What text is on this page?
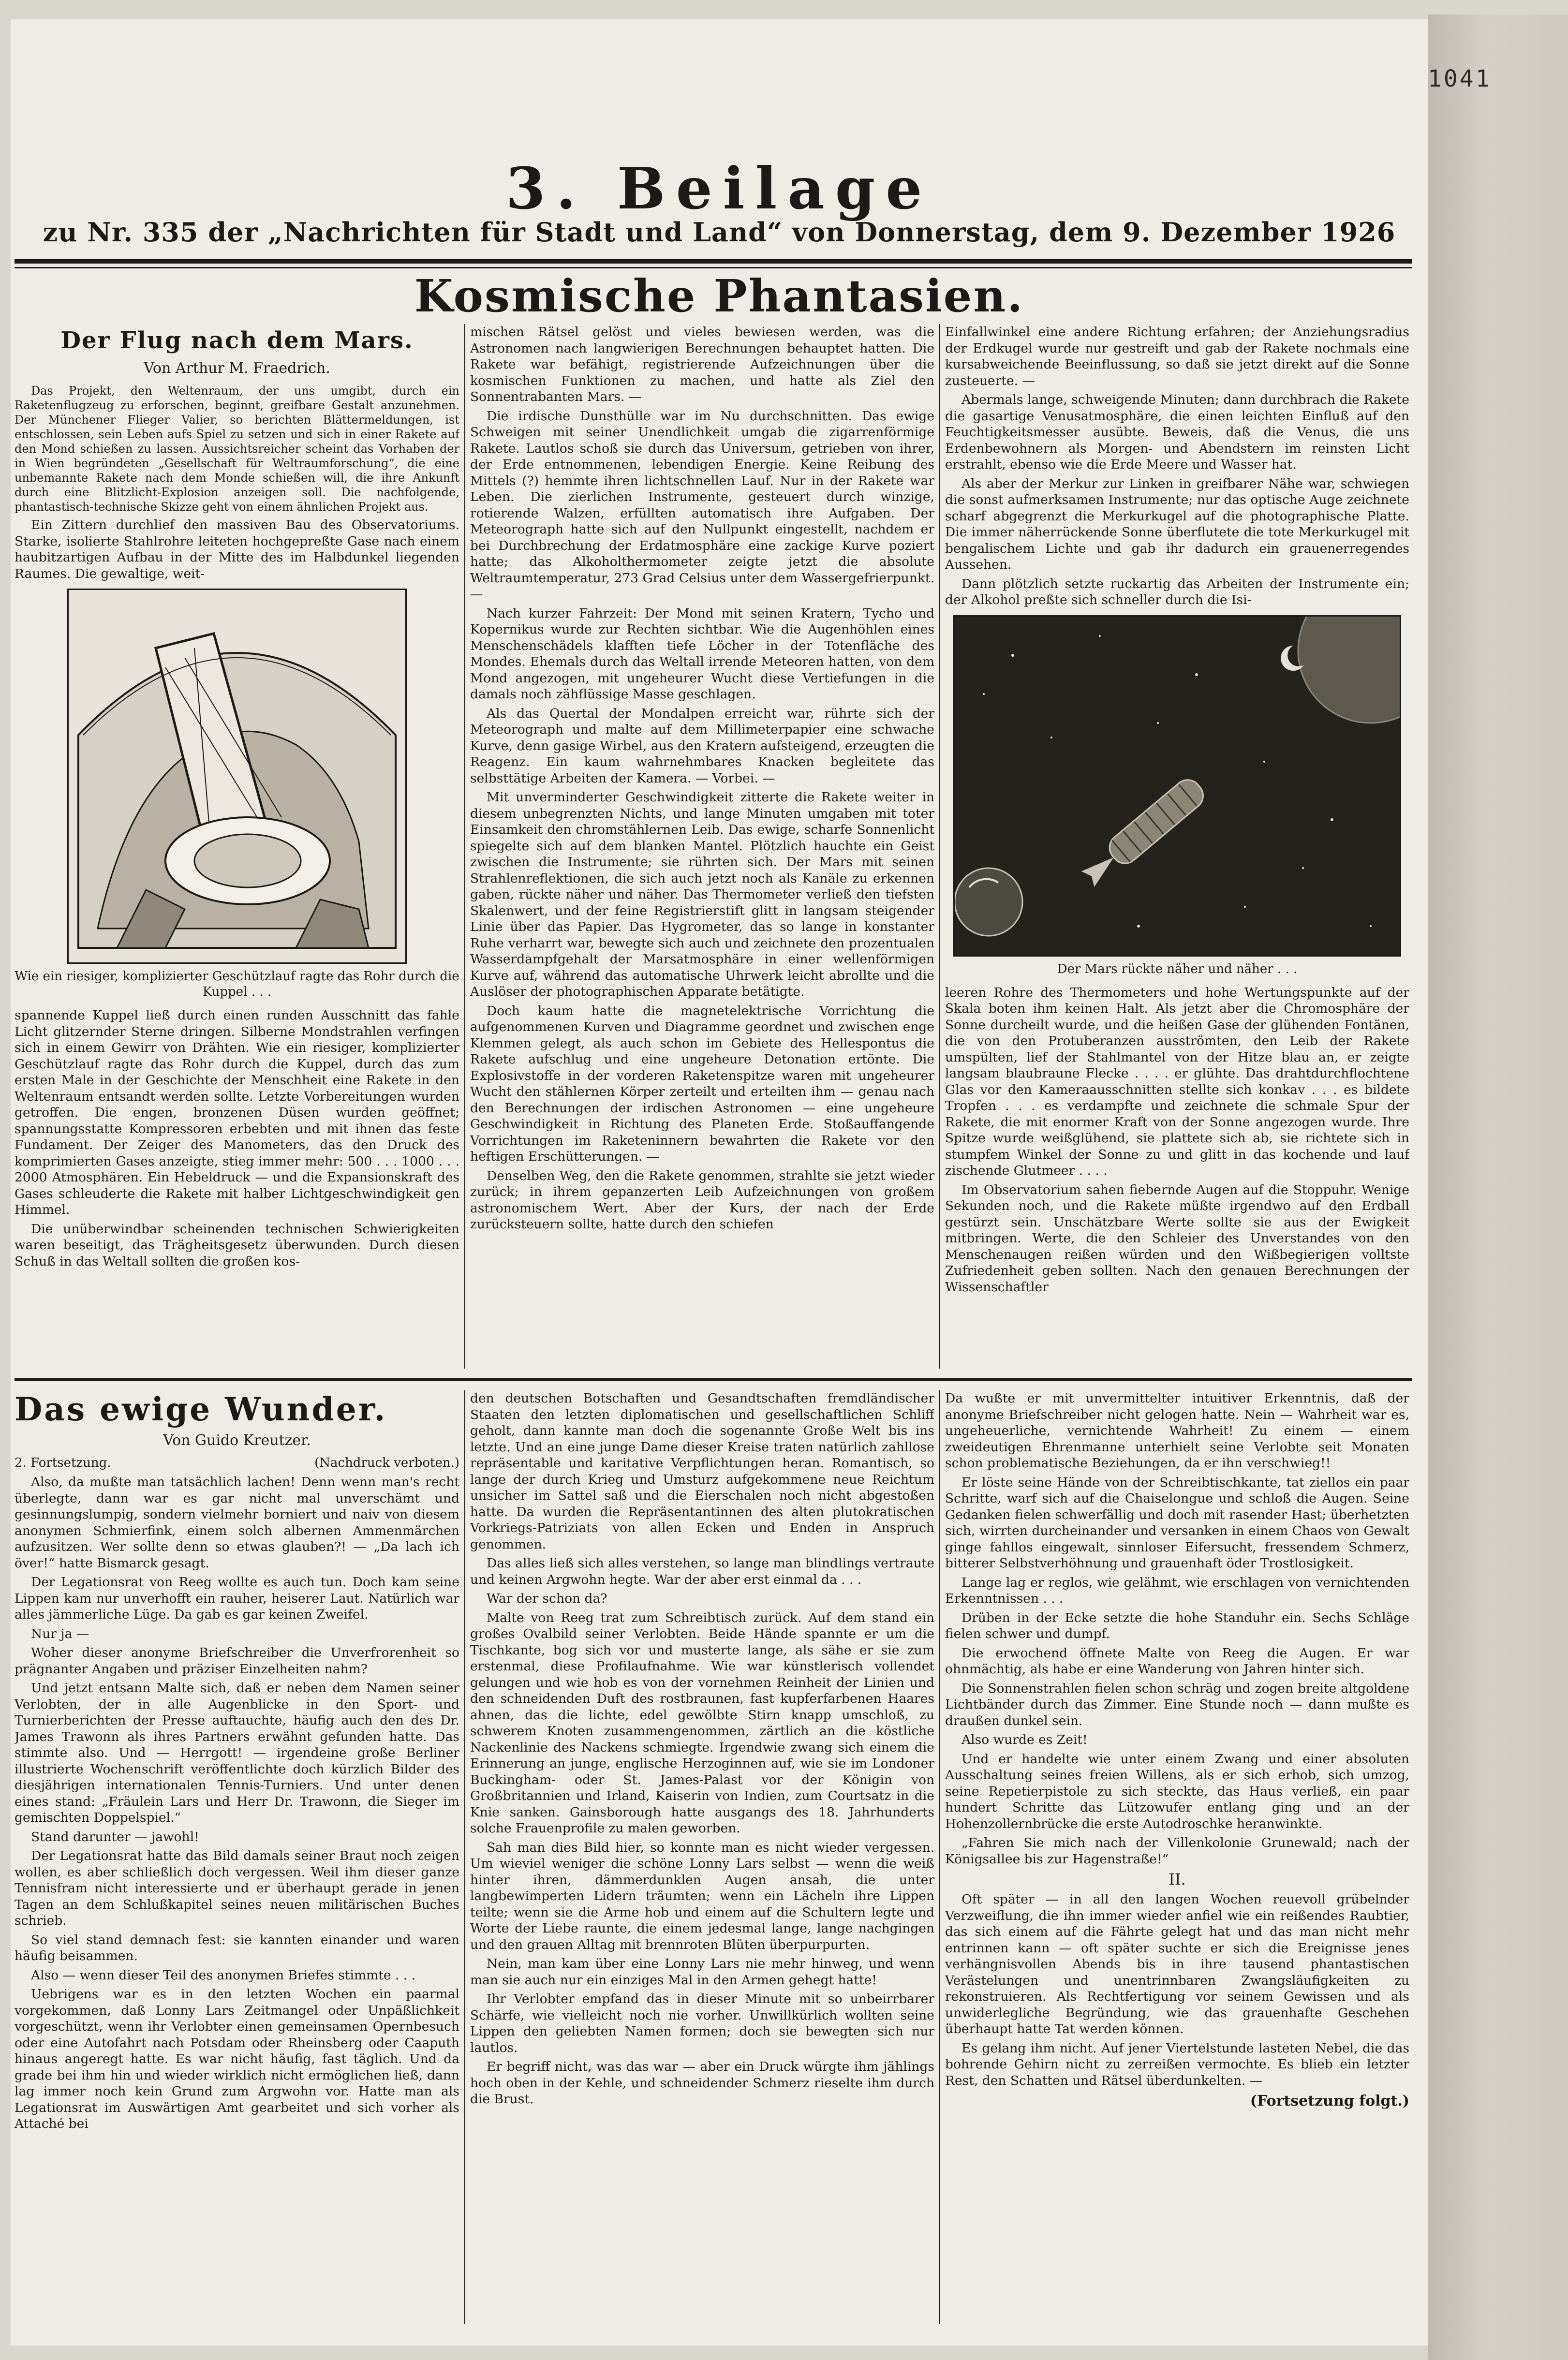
1041
3. Beilage
zu Nr. 335 der „Nachrichten für Stadt und Land“ von Donnerstag, dem 9. Dezember 1926
Kosmische Phantasien.
Der Flug nach dem Mars.
Von Arthur M. Fraedrich.

Das Projekt, den Weltenraum, der uns umgibt, durch ein Raketenflugzeug zu erforschen, beginnt, greifbare Gestalt anzunehmen. Der Münchener Flieger Valier, so berichten Blättermeldungen, ist entschlossen, sein Leben aufs Spiel zu setzen und sich in einer Rakete auf den Mond schießen zu lassen. Aussichtsreicher scheint das Vorhaben der in Wien begründeten „Gesellschaft für Weltraumforschung“, die eine unbemannte Rakete nach dem Monde schießen will, die ihre Ankunft durch eine Blitzlicht-Explosion anzeigen soll. Die nachfolgende, phantastisch-technische Skizze geht von einem ähnlichen Projekt aus.

Ein Zittern durchlief den massiven Bau des Observatoriums. Starke, isolierte Stahlrohre leiteten hochgepreßte Gase nach einem haubitzartigen Aufbau in der Mitte des im Halbdunkel liegenden Raumes. Die gewaltige, weit-

Wie ein riesiger, komplizierter Geschützlauf ragte das Rohr durch die Kuppel . . .

spannende Kuppel ließ durch einen runden Ausschnitt das fahle Licht glitzernder Sterne dringen. Silberne Mondstrahlen verfingen sich in einem Gewirr von Drähten. Wie ein riesiger, komplizierter Geschützlauf ragte das Rohr durch die Kuppel, durch das zum ersten Male in der Geschichte der Menschheit eine Rakete in den Weltenraum entsandt werden sollte. Letzte Vorbereitungen wurden getroffen. Die engen, bronzenen Düsen wurden geöffnet; spannungsstatte Kompressoren erbebten und mit ihnen das feste Fundament. Der Zeiger des Manometers, das den Druck des komprimierten Gases anzeigte, stieg immer mehr: 500 . . . 1000 . . . 2000 Atmosphären. Ein Hebeldruck — und die Expansionskraft des Gases schleuderte die Rakete mit halber Lichtgeschwindigkeit gen Himmel.

Die unüberwindbar scheinenden technischen Schwierigkeiten waren beseitigt, das Trägheitsgesetz überwunden. Durch diesen Schuß in das Weltall sollten die großen kos-

mischen Rätsel gelöst und vieles bewiesen werden, was die Astronomen nach langwierigen Berechnungen behauptet hatten. Die Rakete war befähigt, registrierende Aufzeichnungen über die kosmischen Funktionen zu machen, und hatte als Ziel den Sonnentrabanten Mars. —

Die irdische Dunsthülle war im Nu durchschnitten. Das ewige Schweigen mit seiner Unendlichkeit umgab die zigarrenförmige Rakete. Lautlos schoß sie durch das Universum, getrieben von ihrer, der Erde entnommenen, lebendigen Energie. Keine Reibung des Mittels (?) hemmte ihren lichtschnellen Lauf. Nur in der Rakete war Leben. Die zierlichen Instrumente, gesteuert durch winzige, rotierende Walzen, erfüllten automatisch ihre Aufgaben. Der Meteorograph hatte sich auf den Nullpunkt eingestellt, nachdem er bei Durchbrechung der Erdatmosphäre eine zackige Kurve poziert hatte; das Alkoholthermometer zeigte jetzt die absolute Weltraumtemperatur, 273 Grad Celsius unter dem Wassergefrierpunkt. —

Nach kurzer Fahrzeit: Der Mond mit seinen Kratern, Tycho und Kopernikus wurde zur Rechten sichtbar. Wie die Augenhöhlen eines Menschenschädels klafften tiefe Löcher in der Totenfläche des Mondes. Ehemals durch das Weltall irrende Meteoren hatten, von dem Mond angezogen, mit ungeheurer Wucht diese Vertiefungen in die damals noch zähflüssige Masse geschlagen.

Als das Quertal der Mondalpen erreicht war, rührte sich der Meteorograph und malte auf dem Millimeterpapier eine schwache Kurve, denn gasige Wirbel, aus den Kratern aufsteigend, erzeugten die Reagenz. Ein kaum wahrnehmbares Knacken begleitete das selbsttätige Arbeiten der Kamera. — Vorbei. —

Mit unverminderter Geschwindigkeit zitterte die Rakete weiter in diesem unbegrenzten Nichts, und lange Minuten umgaben mit toter Einsamkeit den chromstählernen Leib. Das ewige, scharfe Sonnenlicht spiegelte sich auf dem blanken Mantel. Plötzlich hauchte ein Geist zwischen die Instrumente; sie rührten sich. Der Mars mit seinen Strahlenreflektionen, die sich auch jetzt noch als Kanäle zu erkennen gaben, rückte näher und näher. Das Thermometer verließ den tiefsten Skalenwert, und der feine Registrierstift glitt in langsam steigender Linie über das Papier. Das Hygrometer, das so lange in konstanter Ruhe verharrt war, bewegte sich auch und zeichnete den prozentualen Wasserdampfgehalt der Marsatmosphäre in einer wellenförmigen Kurve auf, während das automatische Uhrwerk leicht abrollte und die Auslöser der photographischen Apparate betätigte.

Doch kaum hatte die magnetelektrische Vorrichtung die aufgenommenen Kurven und Diagramme geordnet und zwischen enge Klemmen gelegt, als auch schon im Gebiete des Hellespontus die Rakete aufschlug und eine ungeheure Detonation ertönte. Die Explosivstoffe in der vorderen Raketenspitze waren mit ungeheurer Wucht den stählernen Körper zerteilt und erteilten ihm — genau nach den Berechnungen der irdischen Astronomen — eine ungeheure Geschwindigkeit in Richtung des Planeten Erde. Stoßauffangende Vorrichtungen im Raketeninnern bewahrten die Rakete vor den heftigen Erschütterungen. —

Denselben Weg, den die Rakete genommen, strahlte sie jetzt wieder zurück; in ihrem gepanzerten Leib Aufzeichnungen von großem astronomischem Wert. Aber der Kurs, der nach der Erde zurücksteuern sollte, hatte durch den schiefen

Einfallwinkel eine andere Richtung erfahren; der Anziehungsradius der Erdkugel wurde nur gestreift und gab der Rakete nochmals eine kursabweichende Beeinflussung, so daß sie jetzt direkt auf die Sonne zusteuerte. —

Abermals lange, schweigende Minuten; dann durchbrach die Rakete die gasartige Venusatmosphäre, die einen leichten Einfluß auf den Feuchtigkeitsmesser ausübte. Beweis, daß die Venus, die uns Erdenbewohnern als Morgen- und Abendstern im reinsten Licht erstrahlt, ebenso wie die Erde Meere und Wasser hat.

Als aber der Merkur zur Linken in greifbarer Nähe war, schwiegen die sonst aufmerksamen Instrumente; nur das optische Auge zeichnete scharf abgegrenzt die Merkurkugel auf die photographische Platte. Die immer näherrückende Sonne überflutete die tote Merkurkugel mit bengalischem Lichte und gab ihr dadurch ein grauenerregendes Aussehen.

Dann plötzlich setzte ruckartig das Arbeiten der Instrumente ein; der Alkohol preßte sich schneller durch die Isi-

Der Mars rückte näher und näher . . .

leeren Rohre des Thermometers und hohe Wertungspunkte auf der Skala boten ihm keinen Halt. Als jetzt aber die Chromosphäre der Sonne durcheilt wurde, und die heißen Gase der glühenden Fontänen, die von den Protuberanzen ausströmten, den Leib der Rakete umspülten, lief der Stahlmantel von der Hitze blau an, er zeigte langsam blaubraune Flecke . . . . er glühte. Das drahtdurchflochtene Glas vor den Kameraausschnitten stellte sich konkav . . . es bildete Tropfen . . . es verdampfte und zeichnete die schmale Spur der Rakete, die mit enormer Kraft von der Sonne angezogen wurde. Ihre Spitze wurde weißglühend, sie plattete sich ab, sie richtete sich in stumpfem Winkel der Sonne zu und glitt in das kochende und lauf zischende Glutmeer . . . .

Im Observatorium sahen fiebernde Augen auf die Stoppuhr. Wenige Sekunden noch, und die Rakete müßte irgendwo auf den Erdball gestürzt sein. Unschätzbare Werte sollte sie aus der Ewigkeit mitbringen. Werte, die den Schleier des Unverstandes von den Menschenaugen reißen würden und den Wißbegierigen volltste Zufriedenheit geben sollten. Nach den genauen Berechnungen der Wissenschaftler

Das ewige Wunder.
Von Guido Kreutzer.
2. Fortsetzung.	(Nachdruck verboten.)

Also, da mußte man tatsächlich lachen! Denn wenn man's recht überlegte, dann war es gar nicht mal unverschämt und gesinnungslumpig, sondern vielmehr borniert und naiv von diesem anonymen Schmierfink, einem solch albernen Ammenmärchen aufzusitzen. Wer sollte denn so etwas glauben?! — „Da lach ich över!“ hatte Bismarck gesagt.

Der Legationsrat von Reeg wollte es auch tun. Doch kam seine Lippen kam nur unverhofft ein rauher, heiserer Laut. Natürlich war alles jämmerliche Lüge. Da gab es gar keinen Zweifel.

Nur ja —

Woher dieser anonyme Briefschreiber die Unverfrorenheit so prägnanter Angaben und präziser Einzelheiten nahm?

Und jetzt entsann Malte sich, daß er neben dem Namen seiner Verlobten, der in alle Augenblicke in den Sport- und Turnierberichten der Presse auftauchte, häufig auch den des Dr. James Trawonn als ihres Partners erwähnt gefunden hatte. Das stimmte also. Und — Herrgott! — irgendeine große Berliner illustrierte Wochenschrift veröffentlichte doch kürzlich Bilder des diesjährigen internationalen Tennis-Turniers. Und unter denen eines stand: „Fräulein Lars und Herr Dr. Trawonn, die Sieger im gemischten Doppelspiel.“

Stand darunter — jawohl!

Der Legationsrat hatte das Bild damals seiner Braut noch zeigen wollen, es aber schließlich doch vergessen. Weil ihm dieser ganze Tennisfram nicht interessierte und er überhaupt gerade in jenen Tagen an dem Schlußkapitel seines neuen militärischen Buches schrieb.

So viel stand demnach fest: sie kannten einander und waren häufig beisammen.

Also — wenn dieser Teil des anonymen Briefes stimmte . . .

Uebrigens war es in den letzten Wochen ein paarmal vorgekommen, daß Lonny Lars Zeitmangel oder Unpäßlichkeit vorgeschützt, wenn ihr Verlobter einen gemeinsamen Opernbesuch oder eine Autofahrt nach Potsdam oder Rheinsberg oder Caaputh hinaus angeregt hatte. Es war nicht häufig, fast täglich. Und da grade bei ihm hin und wieder wirklich nicht ermöglichen ließ, dann lag immer noch kein Grund zum Argwohn vor. Hatte man als Legationsrat im Auswärtigen Amt gearbeitet und sich vorher als Attaché bei

den deutschen Botschaften und Gesandtschaften fremdländischer Staaten den letzten diplomatischen und gesellschaftlichen Schliff geholt, dann kannte man doch die sogenannte Große Welt bis ins letzte. Und an eine junge Dame dieser Kreise traten natürlich zahllose repräsentable und karitative Verpflichtungen heran. Romantisch, so lange der durch Krieg und Umsturz aufgekommene neue Reichtum unsicher im Sattel saß und die Eierschalen noch nicht abgestoßen hatte. Da wurden die Repräsentantinnen des alten plutokratischen Vorkriegs-Patriziats von allen Ecken und Enden in Anspruch genommen.

Das alles ließ sich alles verstehen, so lange man blindlings vertraute und keinen Argwohn hegte. War der aber erst einmal da . . .

War der schon da?

Malte von Reeg trat zum Schreibtisch zurück. Auf dem stand ein großes Ovalbild seiner Verlobten. Beide Hände spannte er um die Tischkante, bog sich vor und musterte lange, als sähe er sie zum erstenmal, diese Profilaufnahme. Wie war künstlerisch vollendet gelungen und wie hob es von der vornehmen Reinheit der Linien und den schneidenden Duft des rostbraunen, fast kupferfarbenen Haares ahnen, das die lichte, edel gewölbte Stirn knapp umschloß, zu schwerem Knoten zusammengenommen, zärtlich an die köstliche Nackenlinie des Nackens schmiegte. Irgendwie zwang sich einem die Erinnerung an junge, englische Herzoginnen auf, wie sie im Londoner Buckingham- oder St. James-Palast vor der Königin von Großbritannien und Irland, Kaiserin von Indien, zum Courtsatz in die Knie sanken. Gainsborough hatte ausgangs des 18. Jahrhunderts solche Frauenprofile zu malen geworben.

Sah man dies Bild hier, so konnte man es nicht wieder vergessen. Um wieviel weniger die schöne Lonny Lars selbst — wenn die weiß hinter ihren, dämmerdunklen Augen ansah, die unter langbewimperten Lidern träumten; wenn ein Lächeln ihre Lippen teilte; wenn sie die Arme hob und einem auf die Schultern legte und Worte der Liebe raunte, die einem jedesmal lange, lange nachgingen und den grauen Alltag mit brennroten Blüten überpurpurten.

Nein, man kam über eine Lonny Lars nie mehr hinweg, und wenn man sie auch nur ein einziges Mal in den Armen gehegt hatte!

Ihr Verlobter empfand das in dieser Minute mit so unbeirrbarer Schärfe, wie vielleicht noch nie vorher. Unwillkürlich wollten seine Lippen den geliebten Namen formen; doch sie bewegten sich nur lautlos.

Er begriff nicht, was das war — aber ein Druck würgte ihm jählings hoch oben in der Kehle, und schneidender Schmerz rieselte ihm durch die Brust.

Da wußte er mit unvermittelter intuitiver Erkenntnis, daß der anonyme Briefschreiber nicht gelogen hatte. Nein — Wahrheit war es, ungeheuerliche, vernichtende Wahrheit! Zu einem — einem zweideutigen Ehrenmanne unterhielt seine Verlobte seit Monaten schon problematische Beziehungen, da er ihn verschwieg!!

Er löste seine Hände von der Schreibtischkante, tat ziellos ein paar Schritte, warf sich auf die Chaiselongue und schloß die Augen. Seine Gedanken fielen schwerfällig und doch mit rasender Hast; überhetzten sich, wirrten durcheinander und versanken in einem Chaos von Gewalt ginge fahllos eingewalt, sinnloser Eifersucht, fressendem Schmerz, bitterer Selbstverhöhnung und grauenhaft öder Trostlosigkeit.

Lange lag er reglos, wie gelähmt, wie erschlagen von vernichtenden Erkenntnissen . . .

Drüben in der Ecke setzte die hohe Standuhr ein. Sechs Schläge fielen schwer und dumpf.

Die erwochend öffnete Malte von Reeg die Augen. Er war ohnmächtig, als habe er eine Wanderung von Jahren hinter sich.

Die Sonnenstrahlen fielen schon schräg und zogen breite altgoldene Lichtbänder durch das Zimmer. Eine Stunde noch — dann mußte es draußen dunkel sein.

Also wurde es Zeit!

Und er handelte wie unter einem Zwang und einer absoluten Ausschaltung seines freien Willens, als er sich erhob, sich umzog, seine Repetierpistole zu sich steckte, das Haus verließ, ein paar hundert Schritte das Lützowufer entlang ging und an der Hohenzollernbrücke die erste Autodroschke heranwinkte.

„Fahren Sie mich nach der Villenkolonie Grunewald; nach der Königsallee bis zur Hagenstraße!“

II.

Oft später — in all den langen Wochen reuevoll grübelnder Verzweiflung, die ihn immer wieder anfiel wie ein reißendes Raubtier, das sich einem auf die Fährte gelegt hat und das man nicht mehr entrinnen kann — oft später suchte er sich die Ereignisse jenes verhängnisvollen Abends bis in ihre tausend phantastischen Verästelungen und unentrinnbaren Zwangsläufigkeiten zu rekonstruieren. Als Rechtfertigung vor seinem Gewissen und als unwiderlegliche Begründung, wie das grauenhafte Geschehen überhaupt hatte Tat werden können.

Es gelang ihm nicht. Auf jener Viertelstunde lasteten Nebel, die das bohrende Gehirn nicht zu zerreißen vermochte. Es blieb ein letzter Rest, den Schatten und Rätsel überdunkelten. —

(Fortsetzung folgt.)
